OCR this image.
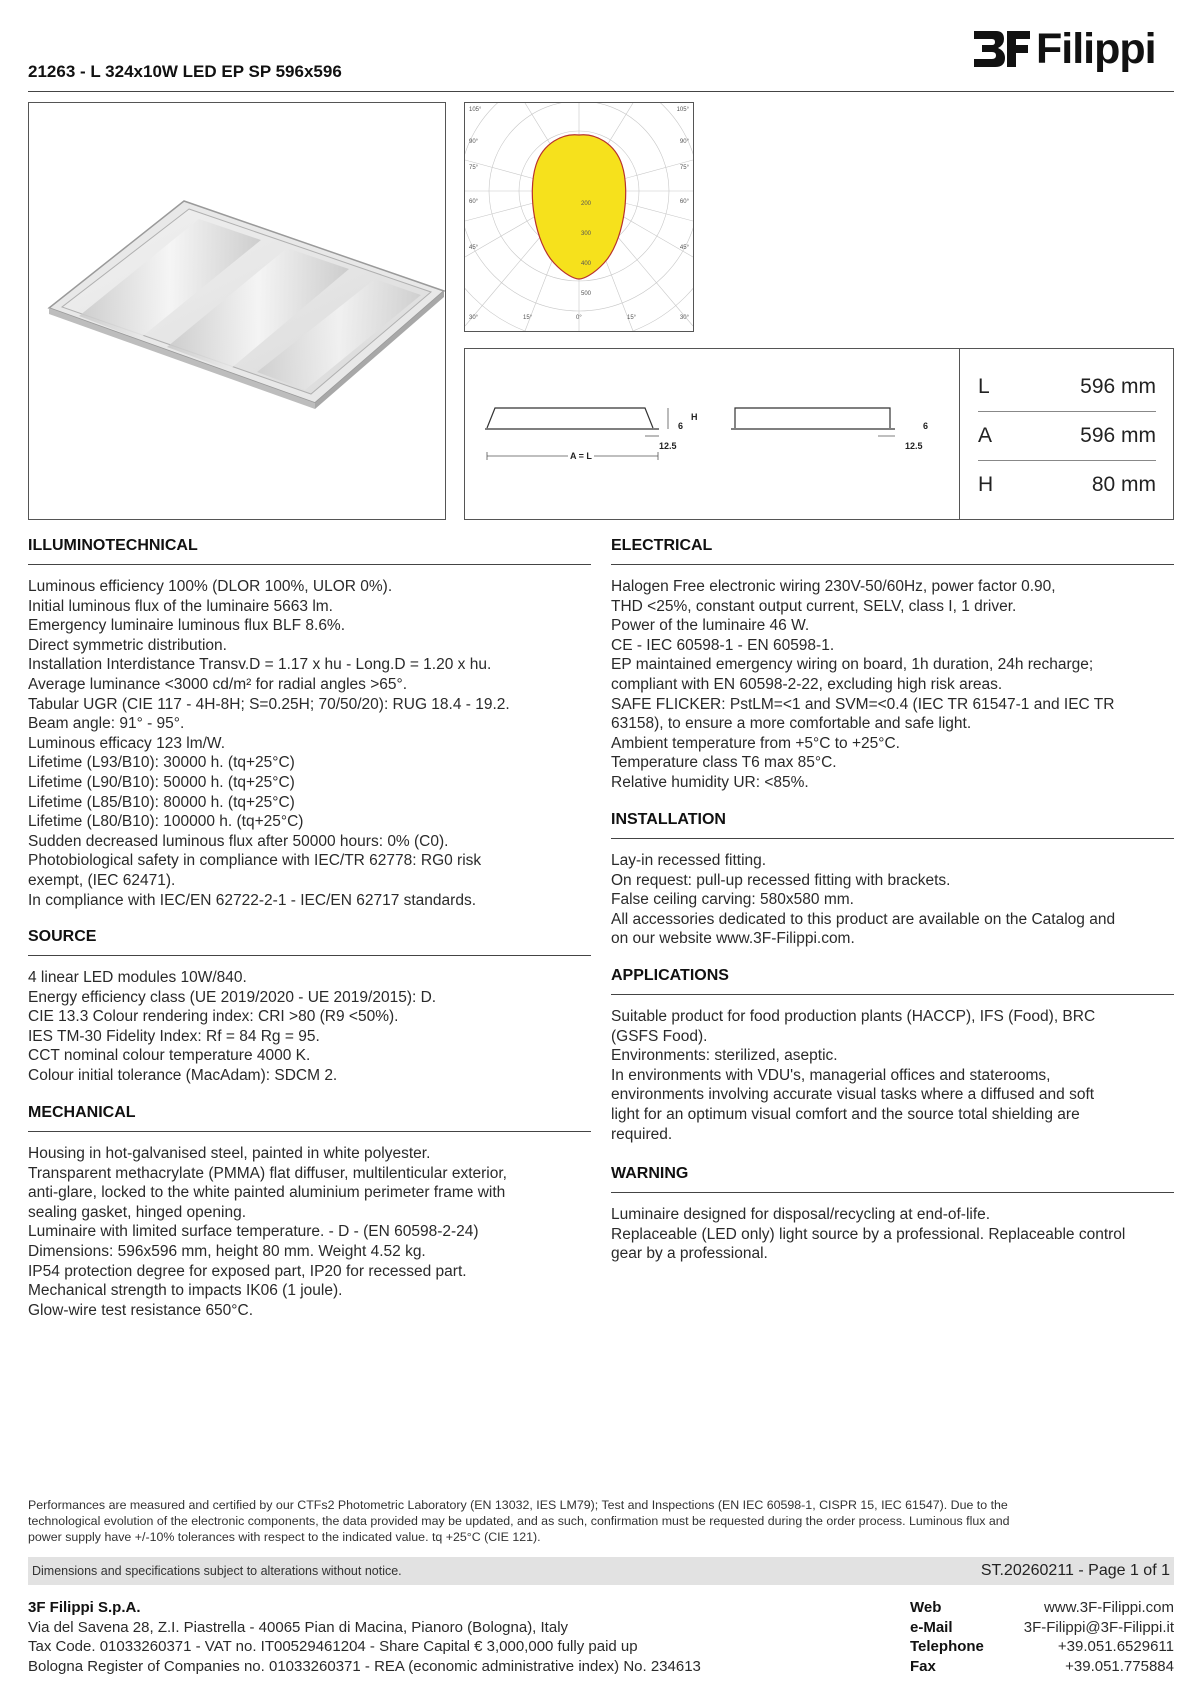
21263 - L 324x10W LED EP SP 596x596	Filippi
105°	105°
90°	90°
75°	75°
60°	60°
45°	45°
200
300
400
500
30°	15°	0°	15°	30°
H
6	6
12.5	12.5
A = L
L	596 mm
A	596 mm
H	80 mm
ILLUMINOTECHNICAL
Luminous efficiency 100% (DLOR 100%, ULOR 0%).
Initial luminous flux of the luminaire 5663 lm.
Emergency luminaire luminous flux BLF 8.6%.
Direct symmetric distribution.
Installation Interdistance Transv.D = 1.17 x hu - Long.D = 1.20 x hu.
Average luminance <3000 cd/m² for radial angles >65°.
Tabular UGR (CIE 117 - 4H-8H; S=0.25H; 70/50/20): RUG 18.4 - 19.2.
Beam angle: 91° - 95°.
Luminous efficacy 123 lm/W.
Lifetime (L93/B10): 30000 h. (tq+25°C)
Lifetime (L90/B10): 50000 h. (tq+25°C)
Lifetime (L85/B10): 80000 h. (tq+25°C)
Lifetime (L80/B10): 100000 h. (tq+25°C)
Sudden decreased luminous flux after 50000 hours: 0% (C0).
Photobiological safety in compliance with IEC/TR 62778: RG0 risk
exempt, (IEC 62471).
In compliance with IEC/EN 62722-2-1 - IEC/EN 62717 standards.
SOURCE
4 linear LED modules 10W/840.
Energy efficiency class (UE 2019/2020 - UE 2019/2015): D.
CIE 13.3 Colour rendering index: CRI >80 (R9 <50%).
IES TM-30 Fidelity Index: Rf = 84 Rg = 95.
CCT nominal colour temperature 4000 K.
Colour initial tolerance (MacAdam): SDCM 2.
MECHANICAL
Housing in hot-galvanised steel, painted in white polyester.
Transparent methacrylate (PMMA) flat diffuser, multilenticular exterior,
anti-glare, locked to the white painted aluminium perimeter frame with
sealing gasket, hinged opening.
Luminaire with limited surface temperature. - D - (EN 60598-2-24)
Dimensions: 596x596 mm, height 80 mm. Weight 4.52 kg.
IP54 protection degree for exposed part, IP20 for recessed part.
Mechanical strength to impacts IK06 (1 joule).
Glow-wire test resistance 650°C.
ELECTRICAL
Halogen Free electronic wiring 230V-50/60Hz, power factor 0.90,
THD <25%, constant output current, SELV, class I, 1 driver.
Power of the luminaire 46 W.
CE - IEC 60598-1 - EN 60598-1.
EP maintained emergency wiring on board, 1h duration, 24h recharge;
compliant with EN 60598-2-22, excluding high risk areas.
SAFE FLICKER: PstLM=<1 and SVM=<0.4 (IEC TR 61547-1 and IEC TR
63158), to ensure a more comfortable and safe light.
Ambient temperature from +5°C to +25°C.
Temperature class T6 max 85°C.
Relative humidity UR: <85%.
INSTALLATION
Lay-in recessed fitting.
On request: pull-up recessed fitting with brackets.
False ceiling carving: 580x580 mm.
All accessories dedicated to this product are available on the Catalog and
on our website www.3F-Filippi.com.
APPLICATIONS
Suitable product for food production plants (HACCP), IFS (Food), BRC
(GSFS Food).
Environments: sterilized, aseptic.
In environments with VDU's, managerial offices and staterooms,
environments involving accurate visual tasks where a diffused and soft
light for an optimum visual comfort and the source total shielding are
required.
WARNING
Luminaire designed for disposal/recycling at end-of-life.
Replaceable (LED only) light source by a professional. Replaceable control
gear by a professional.
Performances are measured and certified by our CTFs2 Photometric Laboratory (EN 13032, IES LM79); Test and Inspections (EN IEC 60598-1, CISPR 15, IEC 61547). Due to the
technological evolution of the electronic components, the data provided may be updated, and as such, confirmation must be requested during the order process. Luminous flux and
power supply have +/-10% tolerances with respect to the indicated value. tq +25°C (CIE 121).
Dimensions and specifications subject to alterations without notice.	ST.20260211 - Page 1 of 1
3F Filippi S.p.A.
Via del Savena 28, Z.I. Piastrella - 40065 Pian di Macina, Pianoro (Bologna), Italy
Tax Code. 01033260371 - VAT no. IT00529461204 - Share Capital € 3,000,000 fully paid up
Bologna Register of Companies no. 01033260371 - REA (economic administrative index) No. 234613
Web	www.3F-Filippi.com
e-Mail	3F-Filippi@3F-Filippi.it
Telephone	+39.051.6529611
Fax	+39.051.775884
